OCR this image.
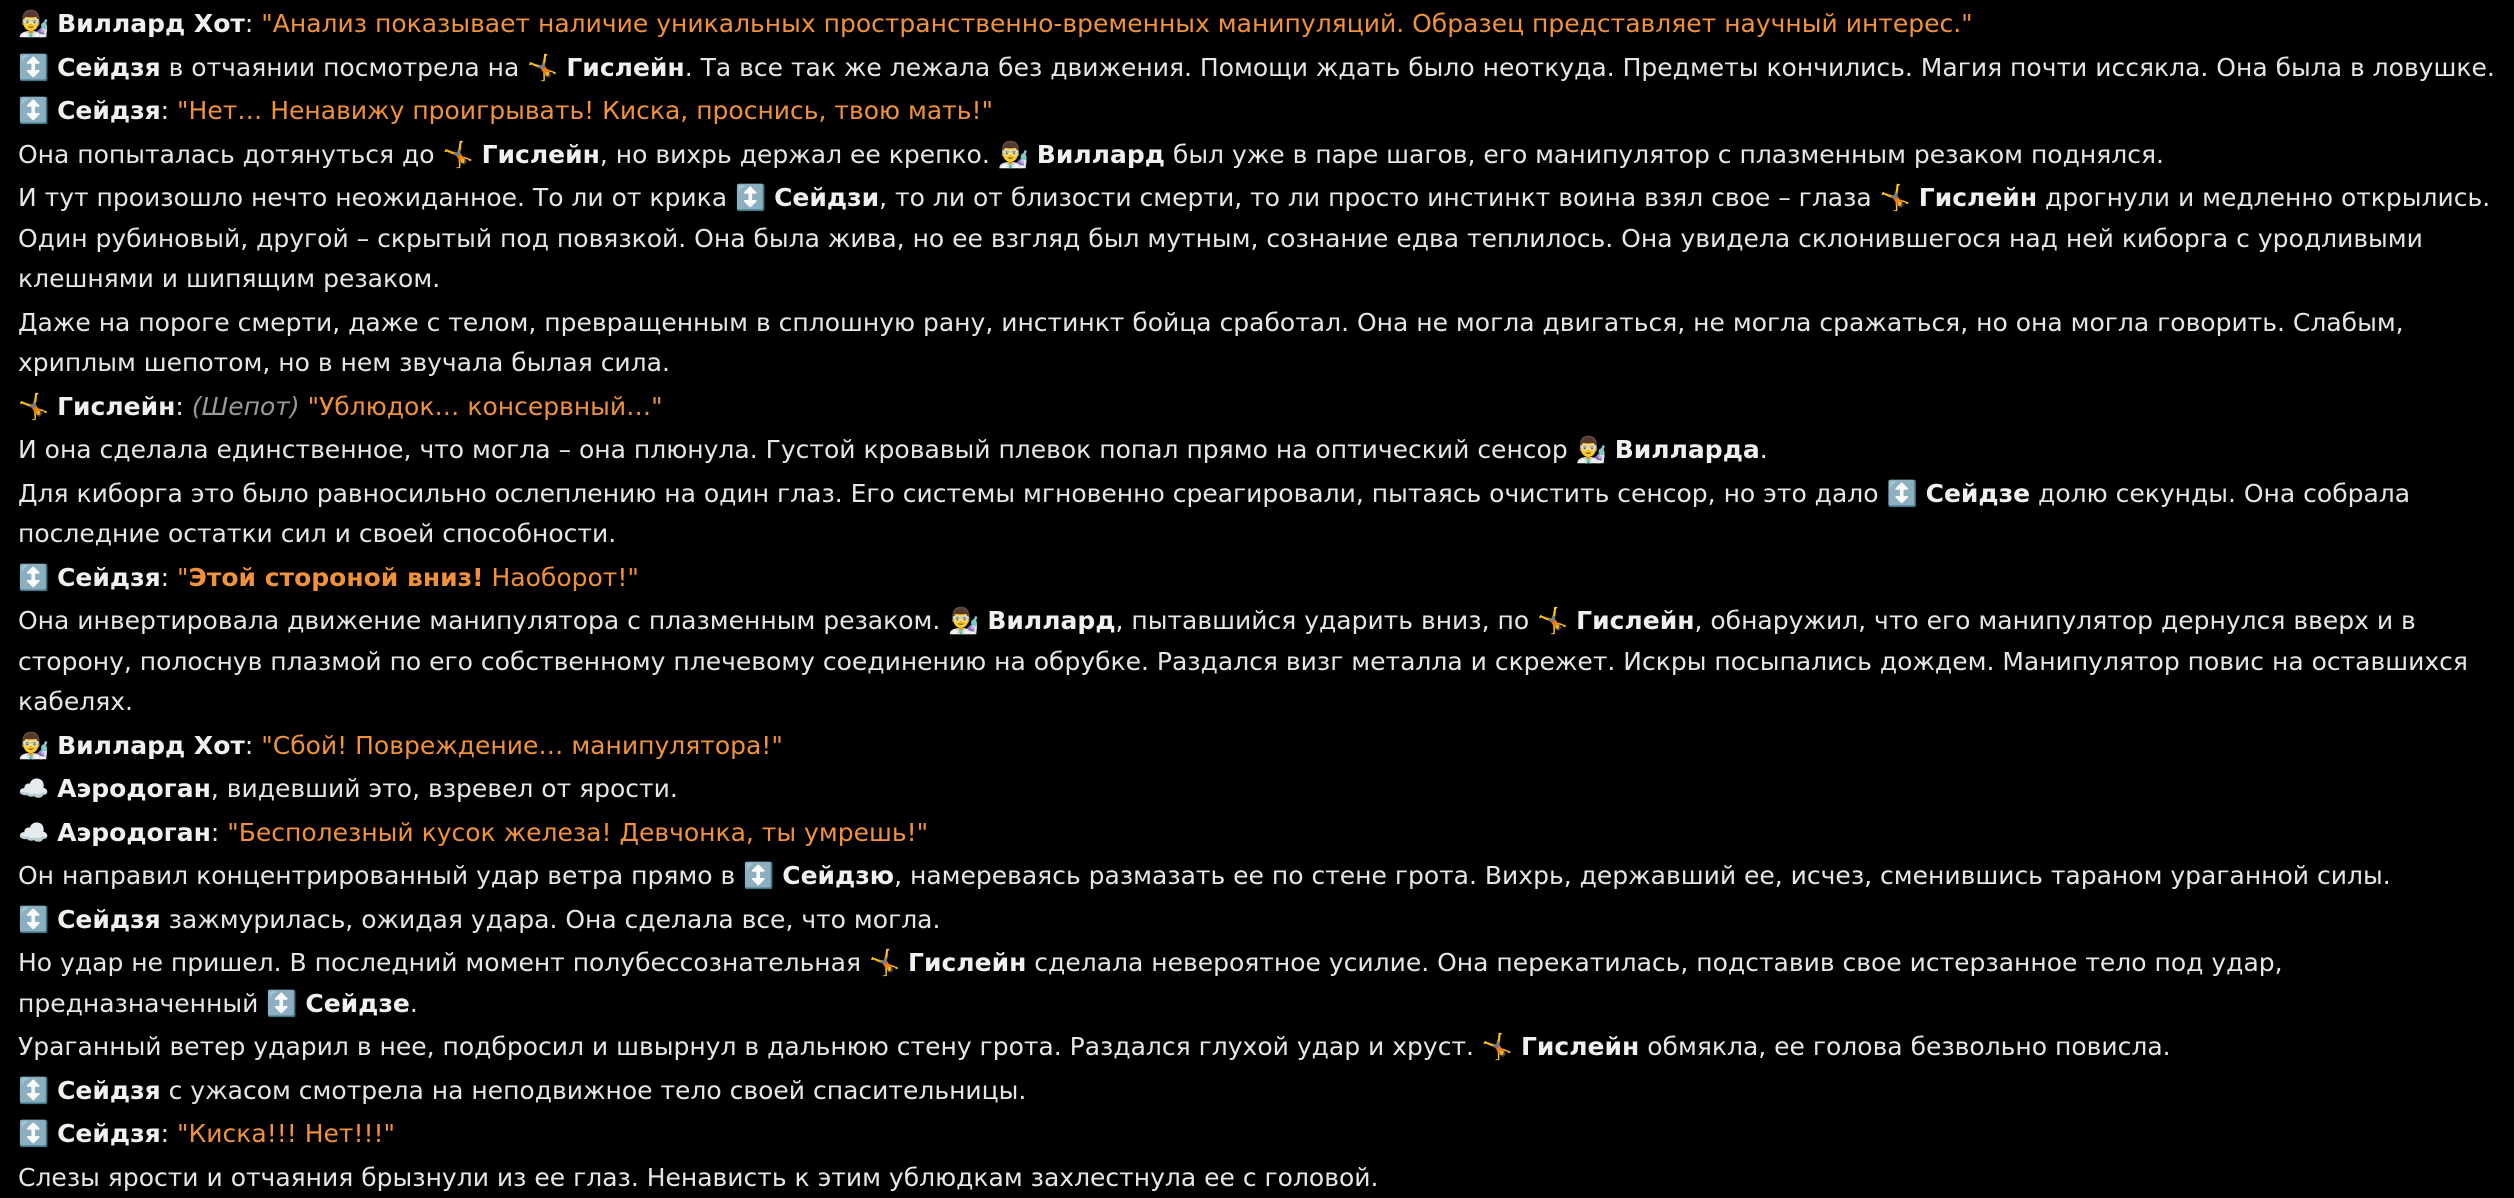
👨‍🔬 Виллард Хот: "Анализ показывает наличие уникальных пространственно-временных манипуляций. Образец представляет научный интерес."
↕️ Сейдзя в отчаянии посмотрела на 🤸 Гислейн. Та все так же лежала без движения. Помощи ждать было неоткуда. Предметы кончились. Магия почти иссякла. Она была в ловушке.
↕️ Сейдзя: "Нет… Ненавижу проигрывать! Киска, проснись, твою мать!"
Она попыталась дотянуться до 🤸 Гислейн, но вихрь держал ее крепко. 👨‍🔬 Виллард был уже в паре шагов, его манипулятор с плазменным резаком поднялся.
И тут произошло нечто неожиданное. То ли от крика ↕️ Сейдзи, то ли от близости смерти, то ли просто инстинкт воина взял свое – глаза 🤸 Гислейн дрогнули и медленно открылись. Один рубиновый, другой – скрытый под повязкой. Она была жива, но ее взгляд был мутным, сознание едва теплилось. Она увидела склонившегося над ней киборга с уродливыми клешнями и шипящим резаком.
Даже на пороге смерти, даже с телом, превращенным в сплошную рану, инстинкт бойца сработал. Она не могла двигаться, не могла сражаться, но она могла говорить. Слабым, хриплым шепотом, но в нем звучала былая сила.
🤸 Гислейн: (Шепот) "Ублюдок… консервный…"
И она сделала единственное, что могла – она плюнула. Густой кровавый плевок попал прямо на оптический сенсор 👨‍🔬 Вилларда.
Для киборга это было равносильно ослеплению на один глаз. Его системы мгновенно среагировали, пытаясь очистить сенсор, но это дало ↕️ Сейдзе долю секунды. Она собрала последние остатки сил и своей способности.
↕️ Сейдзя: "Этой стороной вниз! Наоборот!"
Она инвертировала движение манипулятора с плазменным резаком. 👨‍🔬 Виллард, пытавшийся ударить вниз, по 🤸 Гислейн, обнаружил, что его манипулятор дернулся вверх и в сторону, полоснув плазмой по его собственному плечевому соединению на обрубке. Раздался визг металла и скрежет. Искры посыпались дождем. Манипулятор повис на оставшихся кабелях.
👨‍🔬 Виллард Хот: "Сбой! Повреждение… манипулятора!"
☁️ Аэродоган, видевший это, взревел от ярости.
☁️ Аэродоган: "Бесполезный кусок железа! Девчонка, ты умрешь!"
Он направил концентрированный удар ветра прямо в ↕️ Сейдзю, намереваясь размазать ее по стене грота. Вихрь, державший ее, исчез, сменившись тараном ураганной силы.
↕️ Сейдзя зажмурилась, ожидая удара. Она сделала все, что могла.
Но удар не пришел. В последний момент полубессознательная 🤸 Гислейн сделала невероятное усилие. Она перекатилась, подставив свое истерзанное тело под удар, предназначенный ↕️ Сейдзе.
Ураганный ветер ударил в нее, подбросил и швырнул в дальнюю стену грота. Раздался глухой удар и хруст. 🤸 Гислейн обмякла, ее голова безвольно повисла.
↕️ Сейдзя с ужасом смотрела на неподвижное тело своей спасительницы.
↕️ Сейдзя: "Киска!!! Нет!!!"
Слезы ярости и отчаяния брызнули из ее глаз. Ненависть к этим ублюдкам захлестнула ее с головой.
